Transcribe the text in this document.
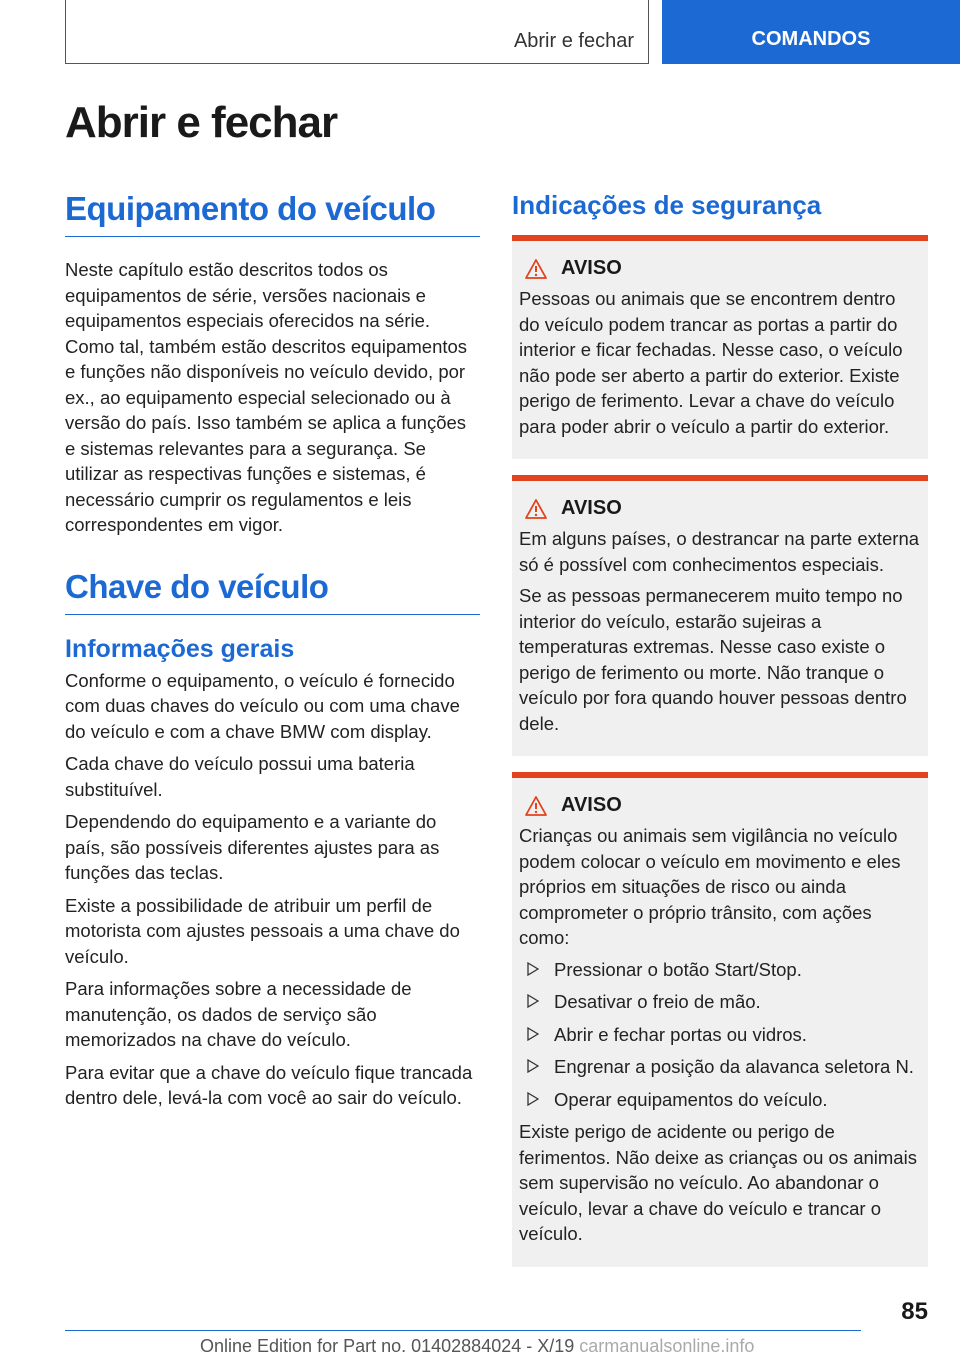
Abrir e fechar	COMANDOS
Abrir e fechar
Equipamento do veículo

Neste capítulo estão descritos todos os equipamentos de série, versões nacionais e equipamentos especiais oferecidos na série. Como tal, também estão descritos equipamentos e funções não disponíveis no veículo devido, por ex., ao equipamento especial selecionado ou à versão do país. Isso também se aplica a funções e sistemas relevantes para a segurança. Se utilizar as respectivas funções e sistemas, é necessário cumprir os regulamentos e leis correspondentes em vigor.

Chave do veículo
Informações gerais

Conforme o equipamento, o veículo é fornecido com duas chaves do veículo ou com uma chave do veículo e com a chave BMW com display.

Cada chave do veículo possui uma bateria substituível.

Dependendo do equipamento e a variante do país, são possíveis diferentes ajustes para as funções das teclas.

Existe a possibilidade de atribuir um perfil de motorista com ajustes pessoais a uma chave do veículo.

Para informações sobre a necessidade de manutenção, os dados de serviço são memorizados na chave do veículo.

Para evitar que a chave do veículo fique trancada dentro dele, levá-la com você ao sair do veículo.

Indicações de segurança
AVISO

Pessoas ou animais que se encontrem dentro do veículo podem trancar as portas a partir do interior e ficar fechadas. Nesse caso, o veículo não pode ser aberto a partir do exterior. Existe perigo de ferimento. Levar a chave do veículo para poder abrir o veículo a partir do exterior.

AVISO

Em alguns países, o destrancar na parte externa só é possível com conhecimentos especiais.

Se as pessoas permanecerem muito tempo no interior do veículo, estarão sujeiras a temperaturas extremas. Nesse caso existe o perigo de ferimento ou morte. Não tranque o veículo por fora quando houver pessoas dentro dele.

AVISO

Crianças ou animais sem vigilância no veículo podem colocar o veículo em movimento e eles próprios em situações de risco ou ainda comprometer o próprio trânsito, com ações como:

Pressionar o botão Start/Stop.
Desativar o freio de mão.
Abrir e fechar portas ou vidros.
Engrenar a posição da alavanca seletora N.
Operar equipamentos do veículo.

Existe perigo de acidente ou perigo de ferimentos. Não deixe as crianças ou os animais sem supervisão no veículo. Ao abandonar o veículo, levar a chave do veículo e trancar o veículo.

85
Online Edition for Part no. 01402884024 - X/19 carmanualsonline.info
